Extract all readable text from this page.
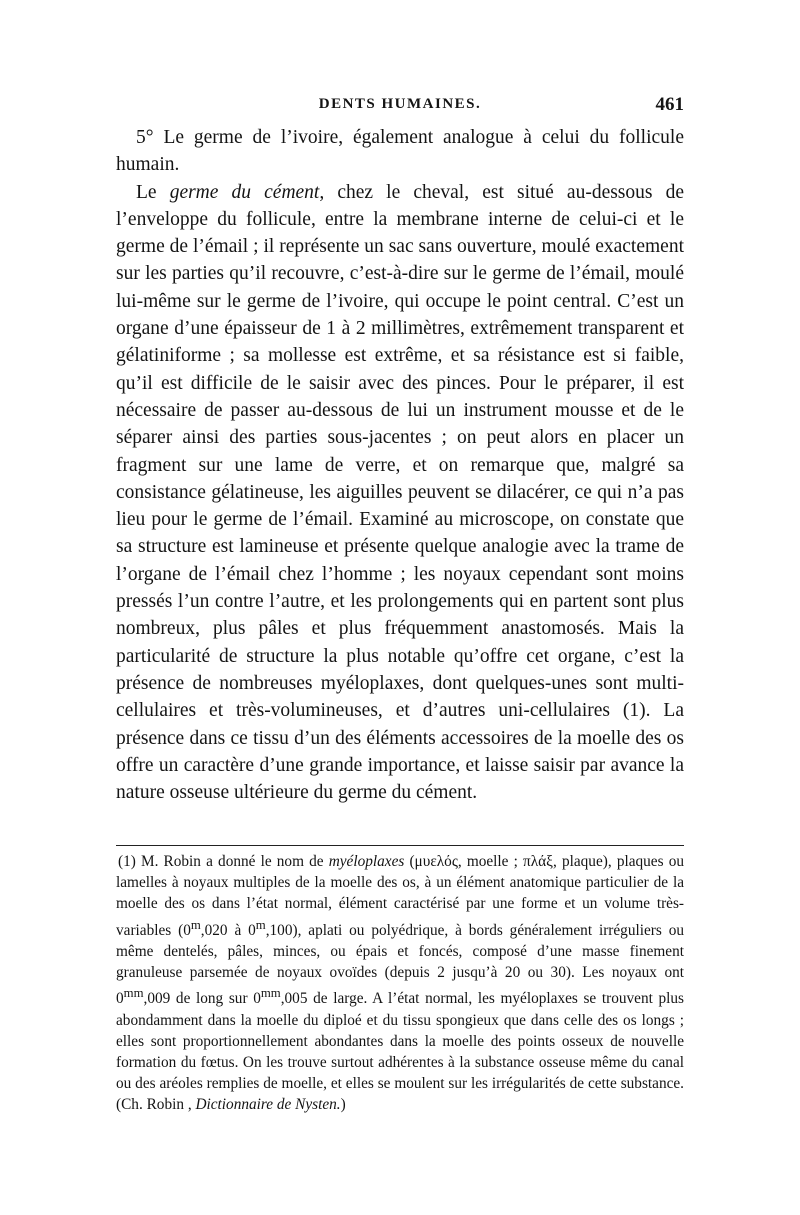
DENTS HUMAINES.	461

5° Le germe de l’ivoire, également analogue à celui du follicule humain.

Le germe du cément, chez le cheval, est situé au-dessous de l’enveloppe du follicule, entre la membrane interne de celui-ci et le germe de l’émail ; il représente un sac sans ouverture, moulé exactement sur les parties qu’il recouvre, c’est-à-dire sur le germe de l’émail, moulé lui-même sur le germe de l’ivoire, qui occupe le point central. C’est un organe d’une épaisseur de 1 à 2 millimètres, extrêmement transparent et gélatiniforme ; sa mollesse est extrême, et sa résistance est si faible, qu’il est difficile de le saisir avec des pinces. Pour le préparer, il est nécessaire de passer au-dessous de lui un instrument mousse et de le séparer ainsi des parties sous-jacentes ; on peut alors en placer un fragment sur une lame de verre, et on remarque que, malgré sa consistance gélatineuse, les aiguilles peuvent se dilacérer, ce qui n’a pas lieu pour le germe de l’émail. Examiné au microscope, on constate que sa structure est lamineuse et présente quelque analogie avec la trame de l’organe de l’émail chez l’homme ; les noyaux cependant sont moins pressés l’un contre l’autre, et les prolongements qui en partent sont plus nombreux, plus pâles et plus fréquemment anastomosés. Mais la particularité de structure la plus notable qu’offre cet organe, c’est la présence de nombreuses myéloplaxes, dont quelques-unes sont multi-cellulaires et très-volumineuses, et d’autres uni-cellulaires (1). La présence dans ce tissu d’un des éléments accessoires de la moelle des os offre un caractère d’une grande importance, et laisse saisir par avance la nature osseuse ultérieure du germe du cément.

(1) M. Robin a donné le nom de myéloplaxes (μυελός, moelle ; πλάξ, plaque), plaques ou lamelles à noyaux multiples de la moelle des os, à un élément anatomique particulier de la moelle des os dans l’état normal, élément caractérisé par une forme et un volume très-variables (0$^m$,020 à 0$^m$,100), aplati ou polyédrique, à bords généralement irréguliers ou même dentelés, pâles, minces, ou épais et foncés, composé d’une masse finement granuleuse parsemée de noyaux ovoïdes (depuis 2 jusqu’à 20 ou 30). Les noyaux ont $0^{mm},009$ de long sur $0^{mm},005$ de large. A l’état normal, les myéloplaxes se trouvent plus abondamment dans la moelle du diploé et du tissu spongieux que dans celle des os longs ; elles sont proportionnellement abondantes dans la moelle des points osseux de nouvelle formation du fœtus. On les trouve surtout adhérentes à la substance osseuse même du canal ou des aréoles remplies de moelle, et elles se moulent sur les irrégularités de cette substance. (Ch. Robin , Dictionnaire de Nysten.)
